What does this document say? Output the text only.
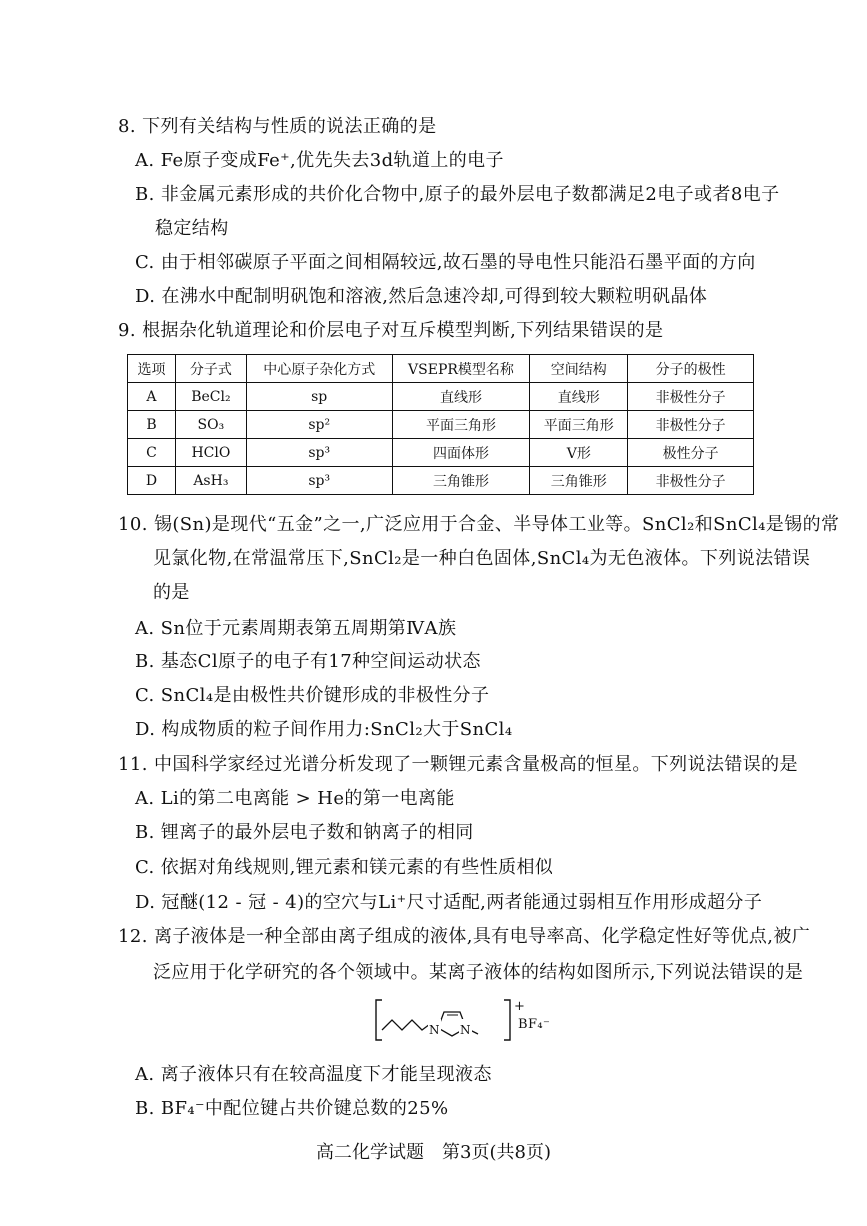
8. 下列有关结构与性质的说法正确的是
A. Fe原子变成Fe⁺,优先失去3d轨道上的电子
B. 非金属元素形成的共价化合物中,原子的最外层电子数都满足2电子或者8电子
稳定结构
C. 由于相邻碳原子平面之间相隔较远,故石墨的导电性只能沿石墨平面的方向
D. 在沸水中配制明矾饱和溶液,然后急速冷却,可得到较大颗粒明矾晶体
9. 根据杂化轨道理论和价层电子对互斥模型判断,下列结果错误的是
选项	分子式	中心原子杂化方式	VSEPR模型名称	空间结构	分子的极性
A	BeCl₂	sp	直线形	直线形	非极性分子
B	SO₃	sp²	平面三角形	平面三角形	非极性分子
C	HClO	sp³	四面体形	V形	极性分子
D	AsH₃	sp³	三角锥形	三角锥形	非极性分子
10. 锡(Sn)是现代“五金”之一,广泛应用于合金、半导体工业等。SnCl₂和SnCl₄是锡的常
见氯化物,在常温常压下,SnCl₂是一种白色固体,SnCl₄为无色液体。下列说法错误
的是
A. Sn位于元素周期表第五周期第ⅣA族
B. 基态Cl原子的电子有17种空间运动状态
C. SnCl₄是由极性共价键形成的非极性分子
D. 构成物质的粒子间作用力:SnCl₂大于SnCl₄
11. 中国科学家经过光谱分析发现了一颗锂元素含量极高的恒星。下列说法错误的是
A. Li的第二电离能 > He的第一电离能
B. 锂离子的最外层电子数和钠离子的相同
C. 依据对角线规则,锂元素和镁元素的有些性质相似
D. 冠醚(12 - 冠 - 4)的空穴与Li⁺尺寸适配,两者能通过弱相互作用形成超分子
12. 离子液体是一种全部由离子组成的液体,具有电导率高、化学稳定性好等优点,被广
泛应用于化学研究的各个领域中。某离子液体的结构如图所示,下列说法错误的是
N N
+
BF₄⁻
A. 离子液体只有在较高温度下才能呈现液态
B. BF₄⁻中配位键占共价键总数的25%
高二化学试题　第3页(共8页)
